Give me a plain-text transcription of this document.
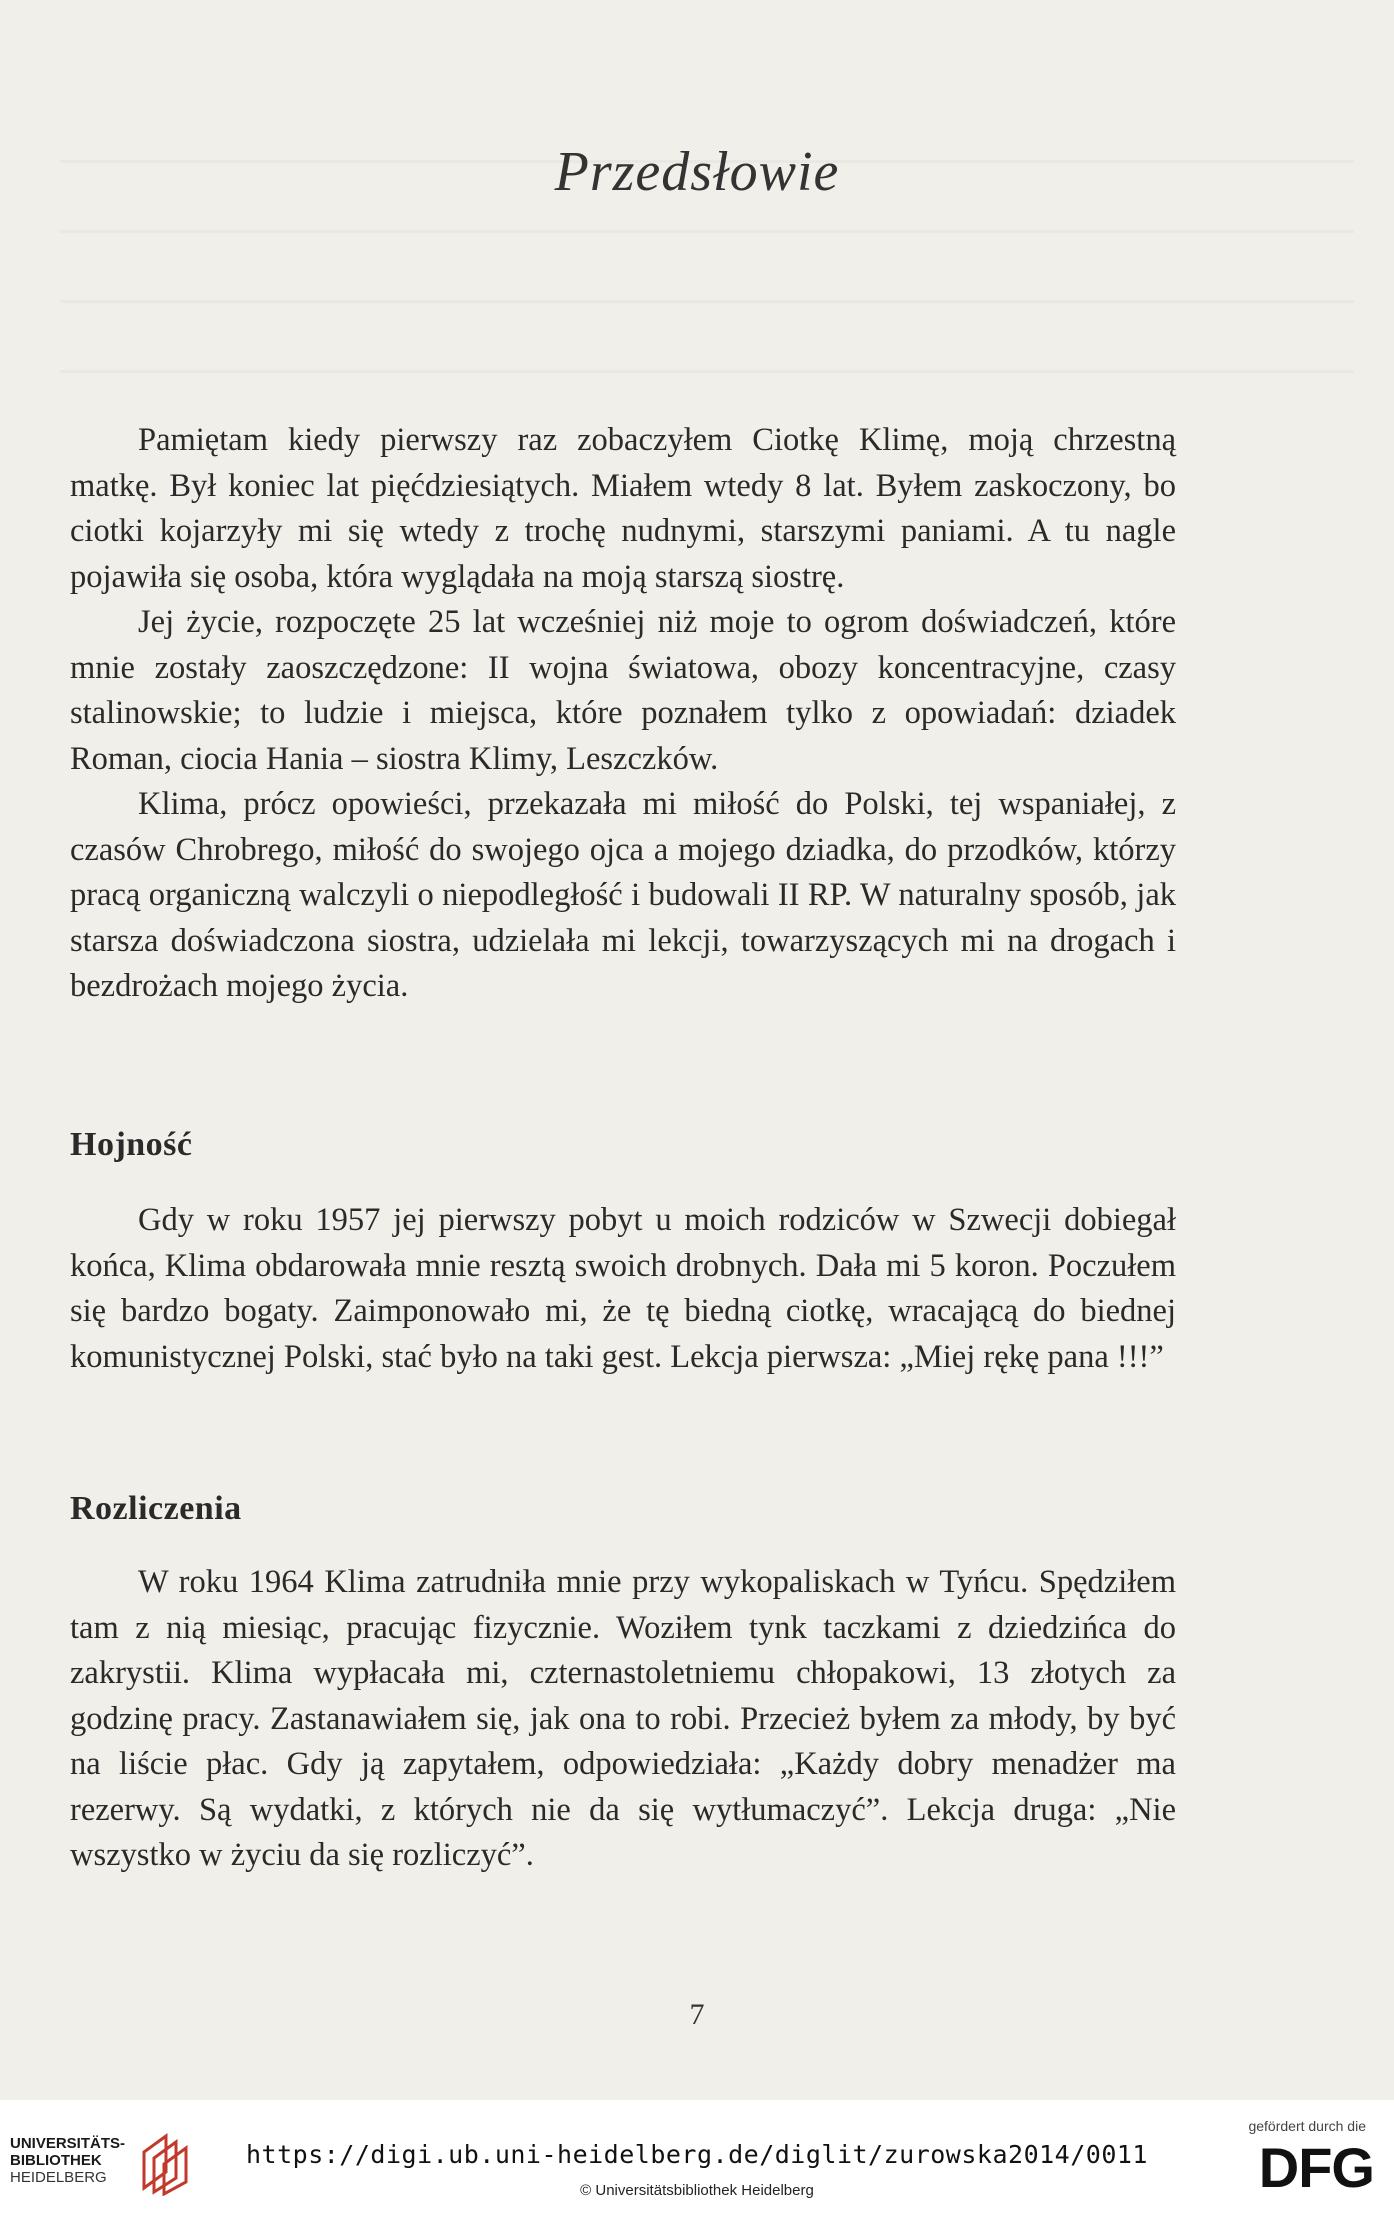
Przedsłowie

Pamiętam kiedy pierwszy raz zobaczyłem Ciotkę Klimę, moją chrzestną matkę. Był koniec lat pięćdziesiątych. Miałem wtedy 8 lat. Byłem zaskoczony, bo ciotki kojarzyły mi się wtedy z trochę nudnymi, starszymi paniami. A tu nagle pojawiła się osoba, która wyglądała na moją starszą siostrę.

Jej życie, rozpoczęte 25 lat wcześniej niż moje to ogrom doświadczeń, które mnie zostały zaoszczędzone: II wojna światowa, obozy koncentracyjne, czasy stalinowskie; to ludzie i miejsca, które poznałem tylko z opowiadań: dziadek Roman, ciocia Hania – siostra Klimy, Leszczków.

Klima, prócz opowieści, przekazała mi miłość do Polski, tej wspaniałej, z czasów Chrobrego, miłość do swojego ojca a mojego dziadka, do przodków, którzy pracą organiczną walczyli o niepodległość i budowali II RP. W naturalny sposób, jak starsza doświadczona siostra, udzielała mi lekcji, towarzyszących mi na drogach i bezdrożach mojego życia.

Hojność

Gdy w roku 1957 jej pierwszy pobyt u moich rodziców w Szwecji dobiegał końca, Klima obdarowała mnie resztą swoich drobnych. Dała mi 5 koron. Poczułem się bardzo bogaty. Zaimponowało mi, że tę biedną ciotkę, wracającą do biednej komunistycznej Polski, stać było na taki gest. Lekcja pierwsza: „Miej rękę pana !!!”

Rozliczenia

W roku 1964 Klima zatrudniła mnie przy wykopaliskach w Tyńcu. Spędziłem tam z nią miesiąc, pracując fizycznie. Woziłem tynk taczkami z dziedzińca do zakrystii. Klima wypłacała mi, czternastoletniemu chłopakowi, 13 złotych za godzinę pracy. Zastanawiałem się, jak ona to robi. Przecież byłem za młody, by być na liście płac. Gdy ją zapytałem, odpowiedziała: „Każdy dobry menadżer ma rezerwy. Są wydatki, z których nie da się wytłumaczyć”. Lekcja druga: „Nie wszystko w życiu da się rozliczyć”.

7
UNIVERSITÄTS-
BIBLIOTHEK
HEIDELBERG
https://digi.ub.uni-heidelberg.de/diglit/zurowska2014/0011
© Universitätsbibliothek Heidelberg
gefördert durch die
DFG
